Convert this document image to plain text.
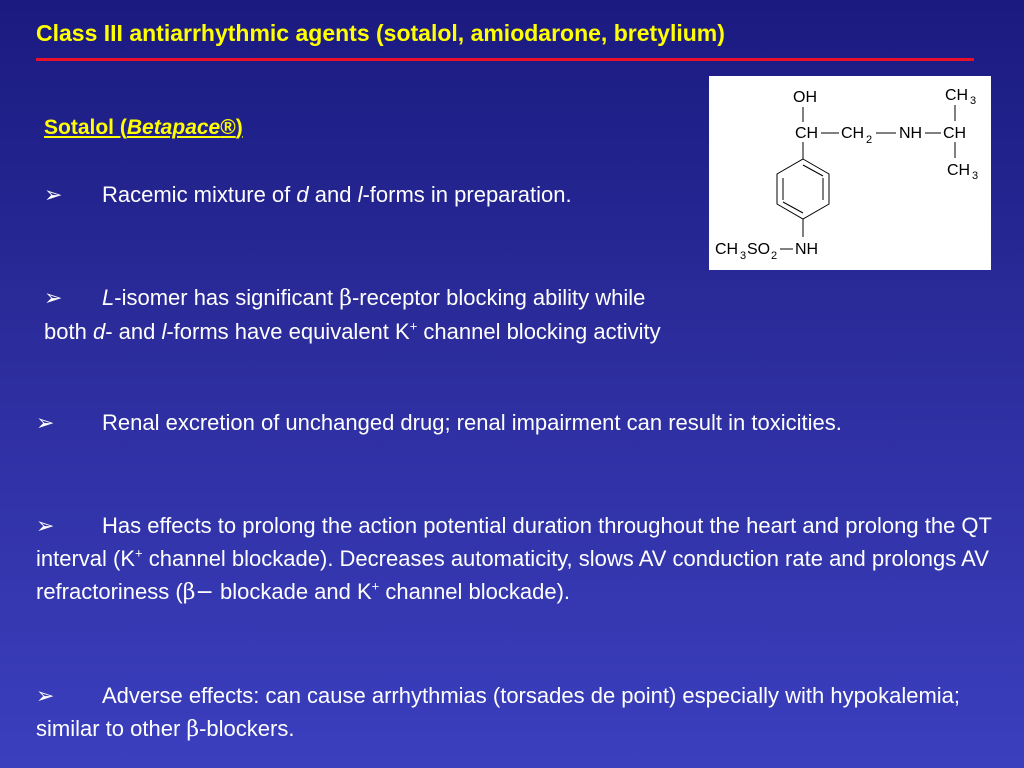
Class III antiarrhythmic agents (sotalol, amiodarone, bretylium)
Sotalol (Betapace®)
➢ Racemic mixture of d and l-forms in preparation.
➢ L-isomer has significant β-receptor blocking ability while both d- and l-forms have equivalent K+ channel blocking activity
OH
CH CH 2 NH CH
CH 3
CH 3
CH 3 SO 2 NH
➢ Renal excretion of unchanged drug; renal impairment can result in toxicities.
➢ Has effects to prolong the action potential duration throughout the heart and prolong the QT interval (K+ channel blockade). Decreases automaticity, slows AV conduction rate and prolongs AV refractoriness (β− blockade and K+ channel blockade).
➢ Adverse effects: can cause arrhythmias (torsades de point) especially with hypokalemia; similar to other β-blockers.
